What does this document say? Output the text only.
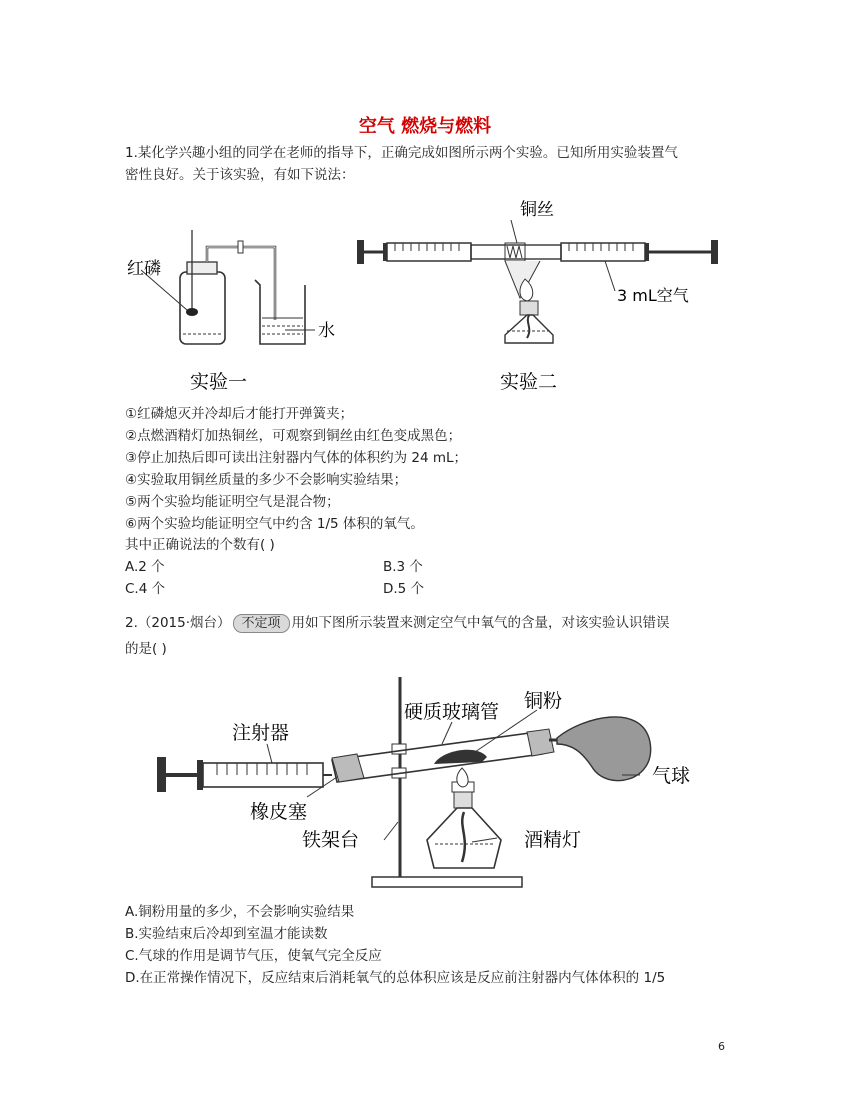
空气 燃烧与燃料
1.某化学兴趣小组的同学在老师的指导下，正确完成如图所示两个实验。已知所用实验装置气
密性良好。关于该实验，有如下说法：
红磷
水
实验一
铜丝
3 mL空气
实验二
①红磷熄灭并冷却后才能打开弹簧夹；
②点燃酒精灯加热铜丝，可观察到铜丝由红色变成黑色；
③停止加热后即可读出注射器内气体的体积约为 24 mL；
④实验取用铜丝质量的多少不会影响实验结果；
⑤两个实验均能证明空气是混合物；
⑥两个实验均能证明空气中约含 1/5 体积的氧气。
其中正确说法的个数有( )
A.2 个	B.3 个
C.4 个	D.5 个
2.（2015·烟台） 不定项 用如下图所示装置来测定空气中氧气的含量，对该实验认识错误
的是( )
注射器
硬质玻璃管 铜粉
气球
橡皮塞
铁架台	酒精灯
A.铜粉用量的多少，不会影响实验结果
B.实验结束后冷却到室温才能读数
C.气球的作用是调节气压，使氧气完全反应
D.在正常操作情况下，反应结束后消耗氧气的总体积应该是反应前注射器内气体体积的 1/5
6
